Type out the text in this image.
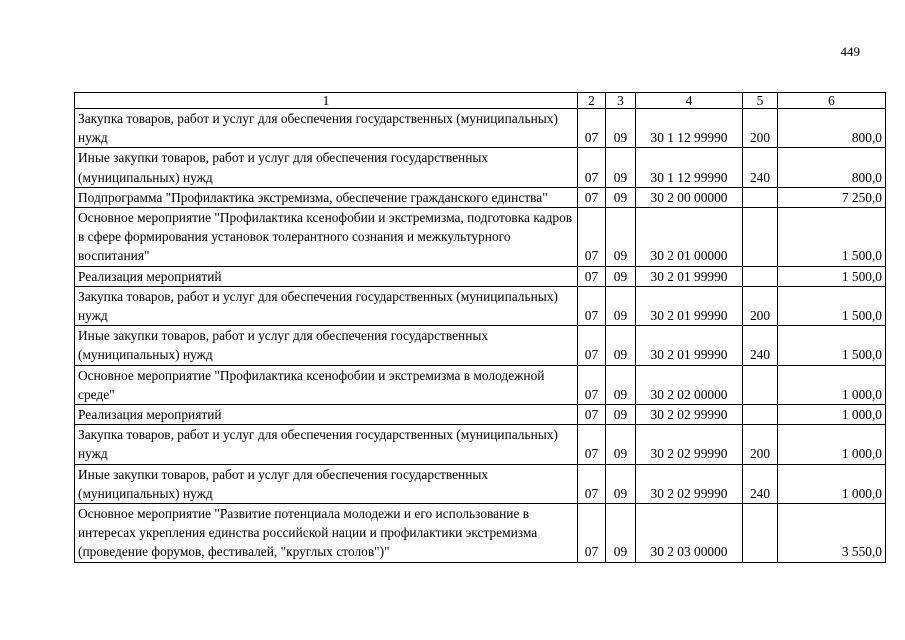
449
1	2	3	4	5	6
Закупка товаров, работ и услуг для обеспечения государственных (муниципальных) нужд	07	09	30 1 12 99990	200	800,0
Иные закупки товаров, работ и услуг для обеспечения государственных (муниципальных) нужд	07	09	30 1 12 99990	240	800,0
Подпрограмма "Профилактика экстремизма, обеспечение гражданского единства"	07	09	30 2 00 00000		7 250,0
Основное мероприятие "Профилактика ксенофобии и экстремизма, подготовка кадров в сфере формирования установок толерантного сознания и межкультурного воспитания"	07	09	30 2 01 00000		1 500,0
Реализация мероприятий	07	09	30 2 01 99990		1 500,0
Закупка товаров, работ и услуг для обеспечения государственных (муниципальных) нужд	07	09	30 2 01 99990	200	1 500,0
Иные закупки товаров, работ и услуг для обеспечения государственных (муниципальных) нужд	07	09	30 2 01 99990	240	1 500,0
Основное мероприятие "Профилактика ксенофобии и экстремизма в молодежной среде"	07	09	30 2 02 00000		1 000,0
Реализация мероприятий	07	09	30 2 02 99990		1 000,0
Закупка товаров, работ и услуг для обеспечения государственных (муниципальных) нужд	07	09	30 2 02 99990	200	1 000,0
Иные закупки товаров, работ и услуг для обеспечения государственных (муниципальных) нужд	07	09	30 2 02 99990	240	1 000,0
Основное мероприятие "Развитие потенциала молодежи и его использование в интересах укрепления единства российской нации и профилактики экстремизма (проведение форумов, фестивалей, "круглых столов")"	07	09	30 2 03 00000		3 550,0
